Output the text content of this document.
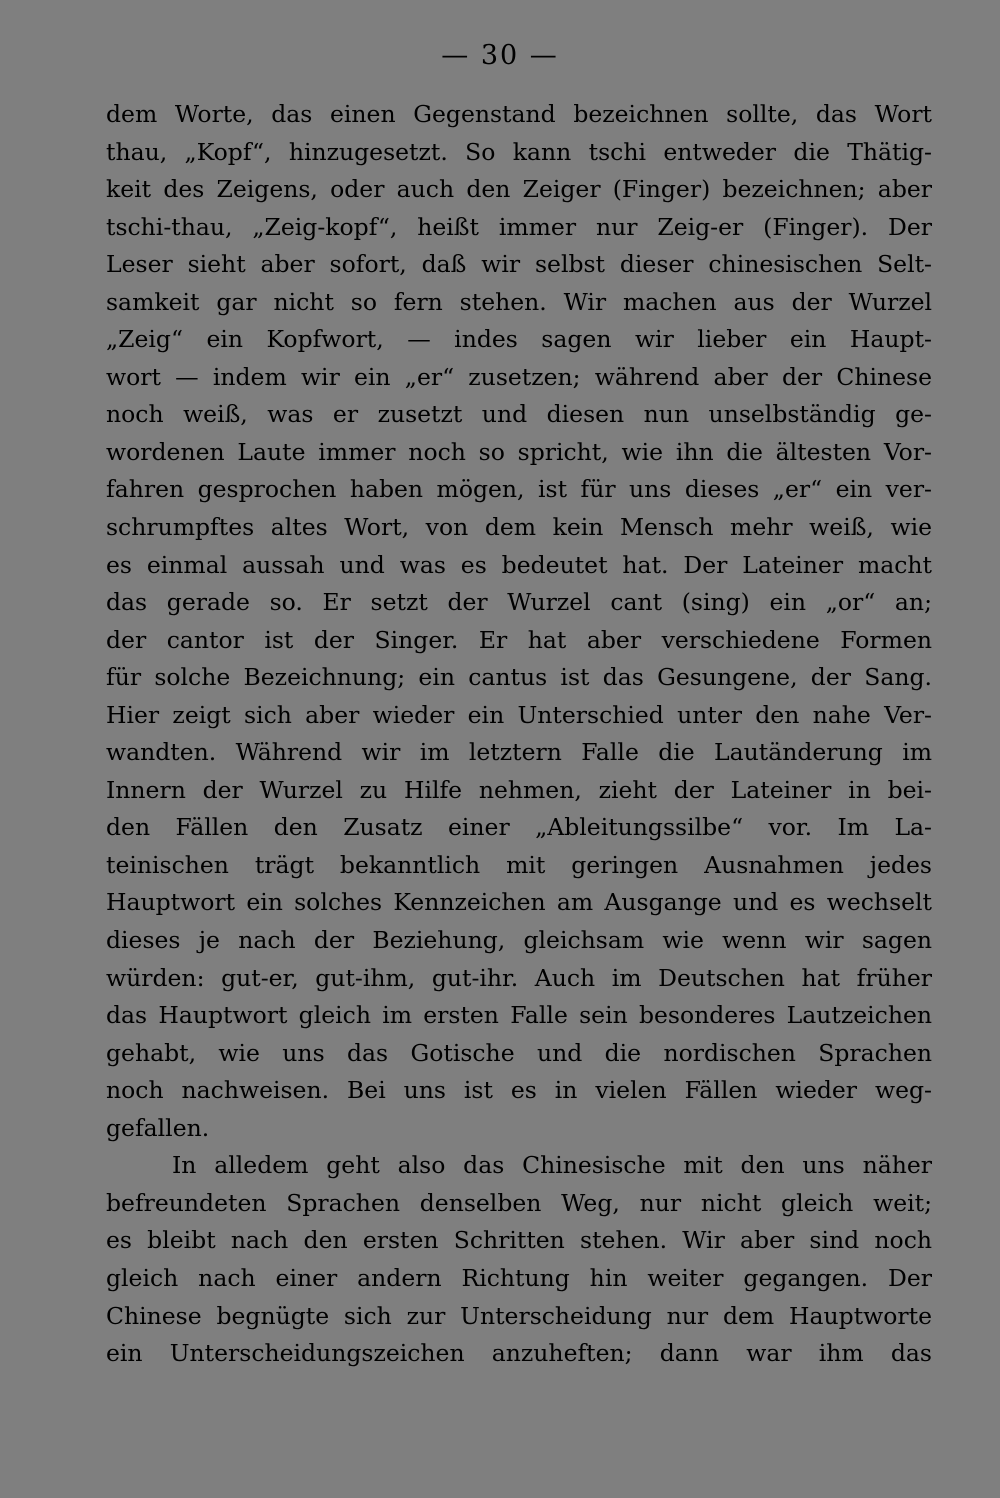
— 30 —
dem Worte, das einen Gegenstand bezeichnen sollte, das Wort
thau, „Kopf“, hinzugesetzt. So kann tschi entweder die Thätig-
keit des Zeigens, oder auch den Zeiger (Finger) bezeichnen; aber
tschi-thau, „Zeig-kopf“, heißt immer nur Zeig-er (Finger). Der
Leser sieht aber sofort, daß wir selbst dieser chinesischen Selt-
samkeit gar nicht so fern stehen. Wir machen aus der Wurzel
„Zeig“ ein Kopfwort, — indes sagen wir lieber ein Haupt-
wort — indem wir ein „er“ zusetzen; während aber der Chinese
noch weiß, was er zusetzt und diesen nun unselbständig ge-
wordenen Laute immer noch so spricht, wie ihn die ältesten Vor-
fahren gesprochen haben mögen, ist für uns dieses „er“ ein ver-
schrumpftes altes Wort, von dem kein Mensch mehr weiß, wie
es einmal aussah und was es bedeutet hat. Der Lateiner macht
das gerade so. Er setzt der Wurzel cant (sing) ein „or“ an;
der cantor ist der Singer. Er hat aber verschiedene Formen
für solche Bezeichnung; ein cantus ist das Gesungene, der Sang.
Hier zeigt sich aber wieder ein Unterschied unter den nahe Ver-
wandten. Während wir im letztern Falle die Lautänderung im
Innern der Wurzel zu Hilfe nehmen, zieht der Lateiner in bei-
den Fällen den Zusatz einer „Ableitungssilbe“ vor. Im La-
teinischen trägt bekanntlich mit geringen Ausnahmen jedes
Hauptwort ein solches Kennzeichen am Ausgange und es wechselt
dieses je nach der Beziehung, gleichsam wie wenn wir sagen
würden: gut-er, gut-ihm, gut-ihr. Auch im Deutschen hat früher
das Hauptwort gleich im ersten Falle sein besonderes Lautzeichen
gehabt, wie uns das Gotische und die nordischen Sprachen
noch nachweisen. Bei uns ist es in vielen Fällen wieder weg-
gefallen.
In alledem geht also das Chinesische mit den uns näher
befreundeten Sprachen denselben Weg, nur nicht gleich weit;
es bleibt nach den ersten Schritten stehen. Wir aber sind noch
gleich nach einer andern Richtung hin weiter gegangen. Der
Chinese begnügte sich zur Unterscheidung nur dem Hauptworte
ein Unterscheidungszeichen anzuheften; dann war ihm das
